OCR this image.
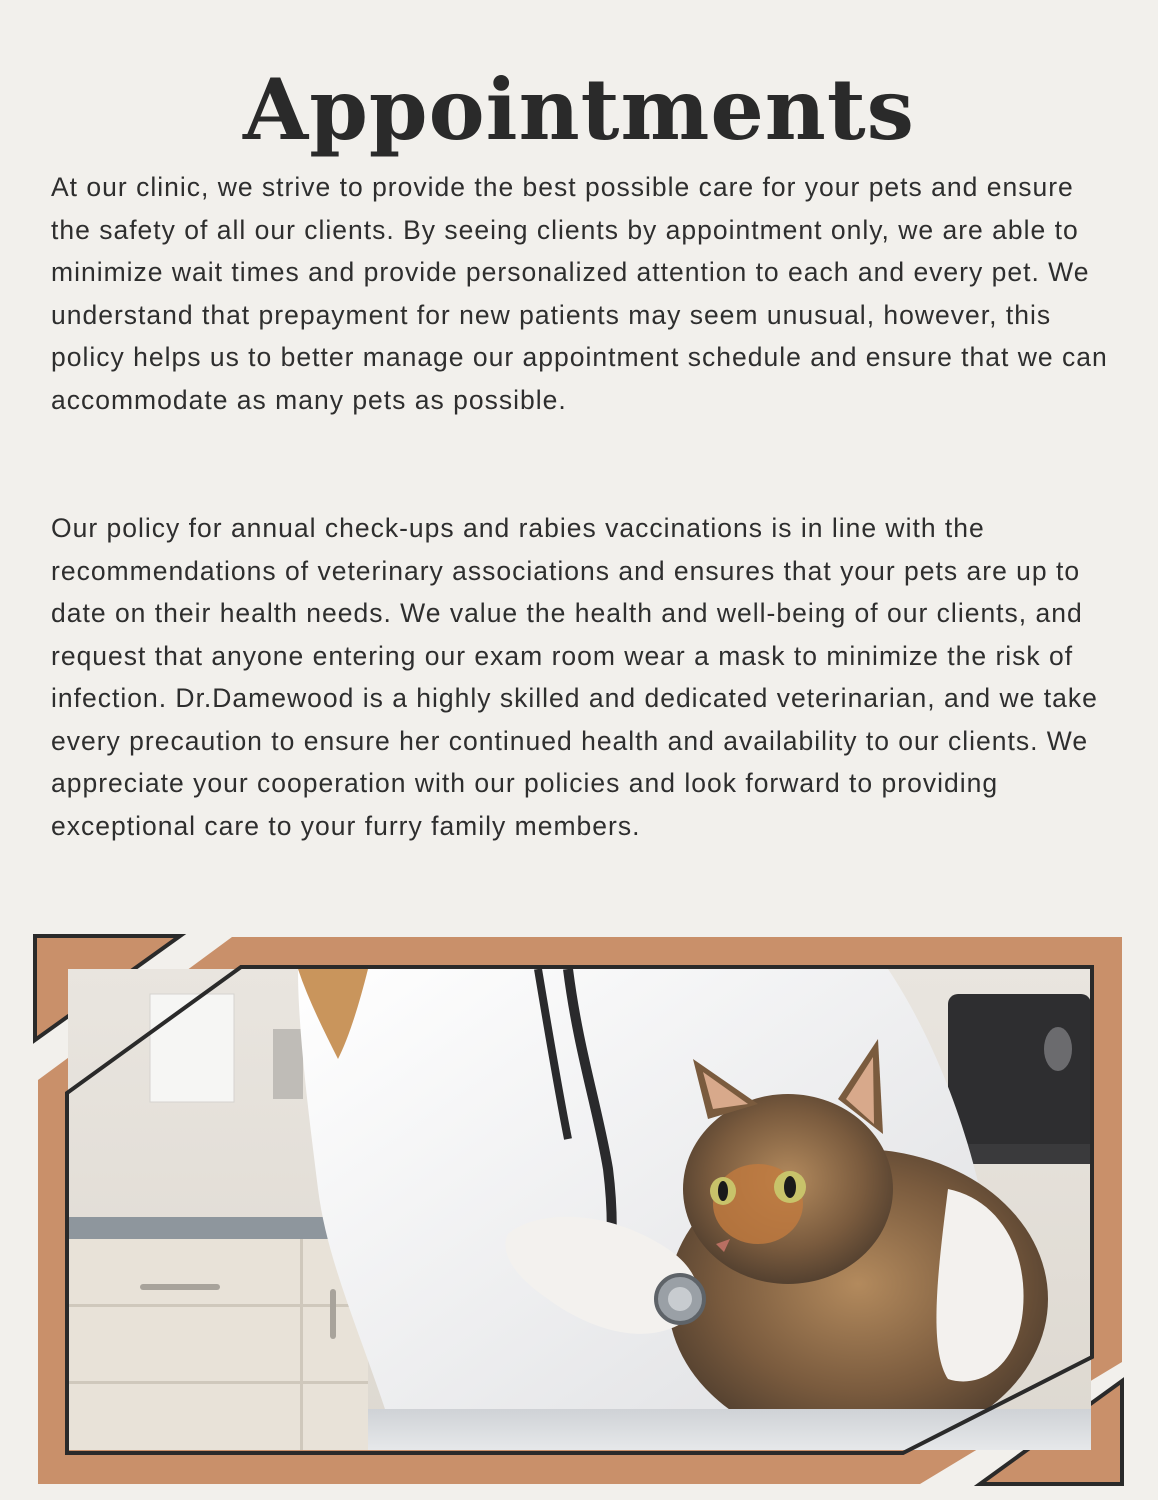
Appointments

At our clinic, we strive to provide the best possible care for your pets and ensure the safety of all our clients. By seeing clients by appointment only, we are able to minimize wait times and provide personalized attention to each and every pet. We understand that prepayment for new patients may seem unusual, however, this policy helps us to better manage our appointment schedule and ensure that we can accommodate as many pets as possible.

Our policy for annual check-ups and rabies vaccinations is in line with the recommendations of veterinary associations and ensures that your pets are up to date on their health needs. We value the health and well-being of our clients, and request that anyone entering our exam room wear a mask to minimize the risk of infection. Dr.Damewood is a highly skilled and dedicated veterinarian, and we take every precaution to ensure her continued health and availability to our clients. We appreciate your cooperation with our policies and look forward to providing exceptional care to your furry family members.
